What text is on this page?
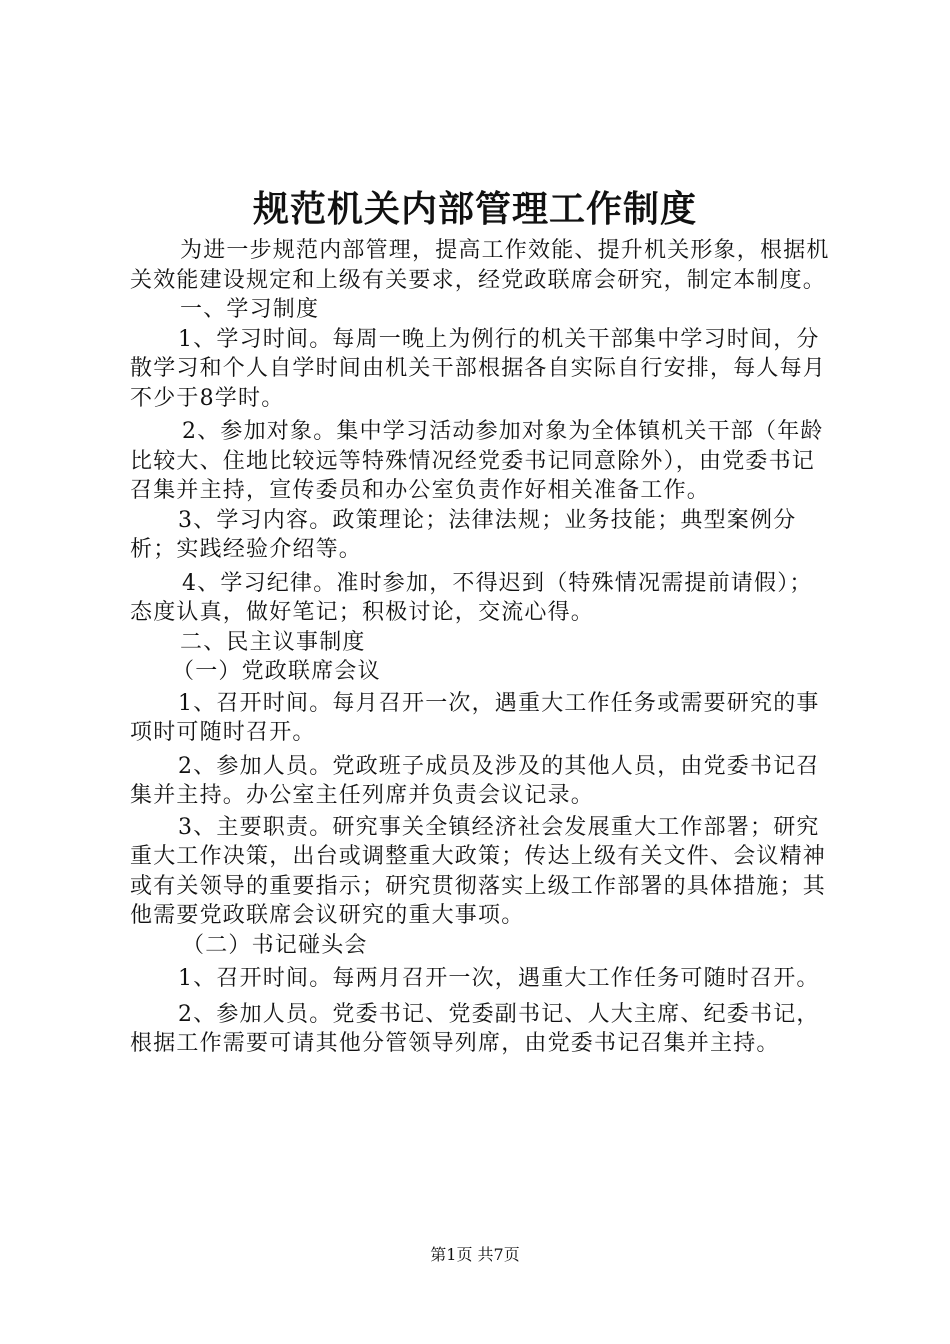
规范机关内部管理工作制度

为进一步规范内部管理，提高工作效能、提升机关形象，根据机关效能建设规定和上级有关要求，经党政联席会研究，制定本制度。

一、学习制度

1、学习时间。每周一晚上为例行的机关干部集中学习时间，分散学习和个人自学时间由机关干部根据各自实际自行安排，每人每月不少于8学时。

2、参加对象。集中学习活动参加对象为全体镇机关干部（年龄比较大、住地比较远等特殊情况经党委书记同意除外），由党委书记召集并主持，宣传委员和办公室负责作好相关准备工作。

3、学习内容。政策理论；法律法规；业务技能；典型案例分析；实践经验介绍等。

4、学习纪律。准时参加，不得迟到（特殊情况需提前请假）；态度认真，做好笔记；积极讨论，交流心得。

二、民主议事制度

（一）党政联席会议

1、召开时间。每月召开一次，遇重大工作任务或需要研究的事项时可随时召开。

2、参加人员。党政班子成员及涉及的其他人员，由党委书记召集并主持。办公室主任列席并负责会议记录。

3、主要职责。研究事关全镇经济社会发展重大工作部署；研究重大工作决策，出台或调整重大政策；传达上级有关文件、会议精神或有关领导的重要指示；研究贯彻落实上级工作部署的具体措施；其他需要党政联席会议研究的重大事项。

（二）书记碰头会

1、召开时间。每两月召开一次，遇重大工作任务可随时召开。

2、参加人员。党委书记、党委副书记、人大主席、纪委书记，根据工作需要可请其他分管领导列席，由党委书记召集并主持。

第1页 共7页
